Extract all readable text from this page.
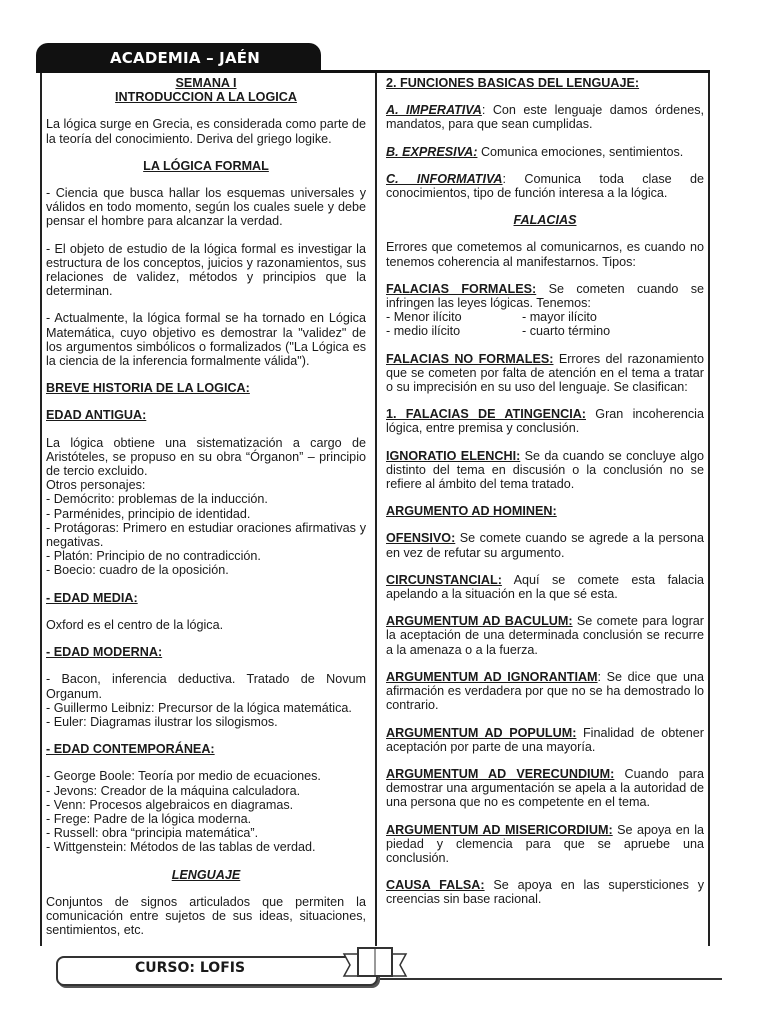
ACADEMIA – JAÉN

SEMANA I

INTRODUCCION A LA LOGICA

La lógica surge en Grecia, es considerada como parte de la teoría del conocimiento. Deriva del griego logike.

LA LÓGICA FORMAL

- Ciencia que busca hallar los esquemas universales y válidos en todo momento, según los cuales suele y debe pensar el hombre para alcanzar la verdad.

- El objeto de estudio de la lógica formal es investigar la estructura de los conceptos, juicios y razonamientos, sus relaciones de validez, métodos y principios que la determinan.

- Actualmente, la lógica formal se ha tornado en Lógica Matemática, cuyo objetivo es demostrar la "validez" de los argumentos simbólicos o formalizados ("La Lógica es la ciencia de la inferencia formalmente válida").

BREVE HISTORIA DE LA LOGICA:

EDAD ANTIGUA:

La lógica obtiene una sistematización a cargo de Aristóteles, se propuso en su obra “Órganon” – principio de tercio excluido.

Otros personajes:
- Demócrito: problemas de la inducción.
- Parménides, principio de identidad.
- Protágoras: Primero en estudiar oraciones afirmativas y negativas.
- Platón: Principio de no contradicción.
- Boecio: cuadro de la oposición.

- EDAD MEDIA:

Oxford es el centro de la lógica.

- EDAD MODERNA:

- Bacon, inferencia deductiva. Tratado de Novum Organum.
- Guillermo Leibniz: Precursor de la lógica matemática.
- Euler: Diagramas ilustrar los silogismos.

- EDAD CONTEMPORÁNEA:

- George Boole: Teoría por medio de ecuaciones.
- Jevons: Creador de la máquina calculadora.
- Venn: Procesos algebraicos en diagramas.
- Frege: Padre de la lógica moderna.
- Russell: obra “principia matemática”.
- Wittgenstein: Métodos de las tablas de verdad.

LENGUAJE

Conjuntos de signos articulados que permiten la comunicación entre sujetos de sus ideas, situaciones, sentimientos, etc.

2. FUNCIONES BASICAS DEL LENGUAJE:

A. IMPERATIVA: Con este lenguaje damos órdenes, mandatos, para que sean cumplidas.

B. EXPRESIVA: Comunica emociones, sentimientos.

C. INFORMATIVA: Comunica toda clase de conocimientos, tipo de función interesa a la lógica.

FALACIAS

Errores que cometemos al comunicarnos, es cuando no tenemos coherencia al manifestarnos. Tipos:

FALACIAS FORMALES: Se cometen cuando se infringen las leyes lógicas. Tenemos:

- Menor ilícito	- mayor ilícito
- medio ilícito	- cuarto término

FALACIAS NO FORMALES: Errores del razonamiento que se cometen por falta de atención en el tema a tratar o su imprecisión en su uso del lenguaje. Se clasifican:

1. FALACIAS DE ATINGENCIA: Gran incoherencia lógica, entre premisa y conclusión.

IGNORATIO ELENCHI: Se da cuando se concluye algo distinto del tema en discusión o la conclusión no se refiere al ámbito del tema tratado.

ARGUMENTO AD HOMINEN:

OFENSIVO: Se comete cuando se agrede a la persona en vez de refutar su argumento.

CIRCUNSTANCIAL: Aquí se comete esta falacia apelando a la situación en la que sé esta.

ARGUMENTUM AD BACULUM: Se comete para lograr la aceptación de una determinada conclusión se recurre a la amenaza o a la fuerza.

ARGUMENTUM AD IGNORANTIAM: Se dice que una afirmación es verdadera por que no se ha demostrado lo contrario.

ARGUMENTUM AD POPULUM: Finalidad de obtener aceptación por parte de una mayoría.

ARGUMENTUM AD VERECUNDIUM: Cuando para demostrar una argumentación se apela a la autoridad de una persona que no es competente en el tema.

ARGUMENTUM AD MISERICORDIUM: Se apoya en la piedad y clemencia para que se apruebe una conclusión.

CAUSA FALSA: Se apoya en las supersticiones y creencias sin base racional.

CURSO: LOFIS
